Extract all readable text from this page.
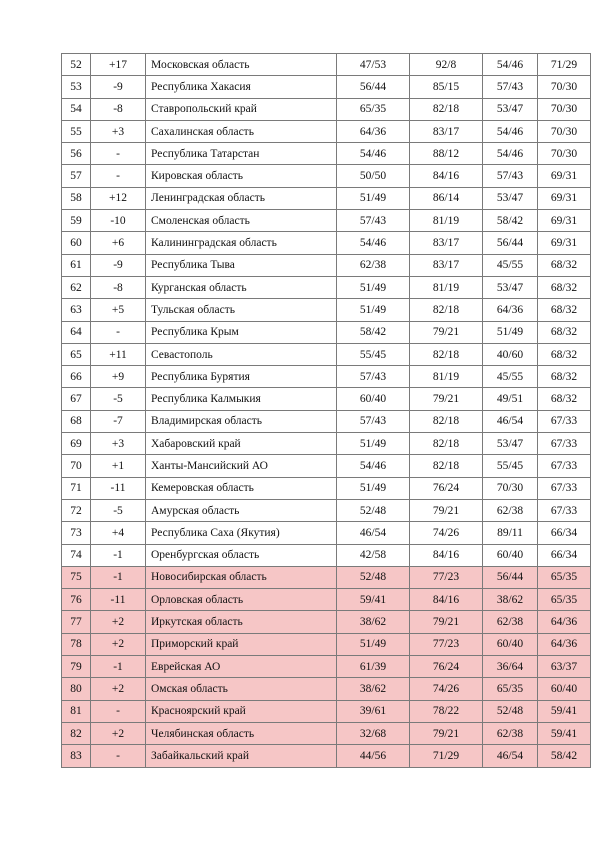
52	+17	Московская область	47/53	92/8	54/46	71/29
53	-9	Республика Хакасия	56/44	85/15	57/43	70/30
54	-8	Ставропольский край	65/35	82/18	53/47	70/30
55	+3	Сахалинская область	64/36	83/17	54/46	70/30
56	-	Республика Татарстан	54/46	88/12	54/46	70/30
57	-	Кировская область	50/50	84/16	57/43	69/31
58	+12	Ленинградская область	51/49	86/14	53/47	69/31
59	-10	Смоленская область	57/43	81/19	58/42	69/31
60	+6	Калининградская область	54/46	83/17	56/44	69/31
61	-9	Республика Тыва	62/38	83/17	45/55	68/32
62	-8	Курганская область	51/49	81/19	53/47	68/32
63	+5	Тульская область	51/49	82/18	64/36	68/32
64	-	Республика Крым	58/42	79/21	51/49	68/32
65	+11	Севастополь	55/45	82/18	40/60	68/32
66	+9	Республика Бурятия	57/43	81/19	45/55	68/32
67	-5	Республика Калмыкия	60/40	79/21	49/51	68/32
68	-7	Владимирская область	57/43	82/18	46/54	67/33
69	+3	Хабаровский край	51/49	82/18	53/47	67/33
70	+1	Ханты-Мансийский АО	54/46	82/18	55/45	67/33
71	-11	Кемеровская область	51/49	76/24	70/30	67/33
72	-5	Амурская область	52/48	79/21	62/38	67/33
73	+4	Республика Саха (Якутия)	46/54	74/26	89/11	66/34
74	-1	Оренбургская область	42/58	84/16	60/40	66/34
75	-1	Новосибирская область	52/48	77/23	56/44	65/35
76	-11	Орловская область	59/41	84/16	38/62	65/35
77	+2	Иркутская область	38/62	79/21	62/38	64/36
78	+2	Приморский край	51/49	77/23	60/40	64/36
79	-1	Еврейская АО	61/39	76/24	36/64	63/37
80	+2	Омская область	38/62	74/26	65/35	60/40
81	-	Красноярский край	39/61	78/22	52/48	59/41
82	+2	Челябинская область	32/68	79/21	62/38	59/41
83	-	Забайкальский край	44/56	71/29	46/54	58/42
